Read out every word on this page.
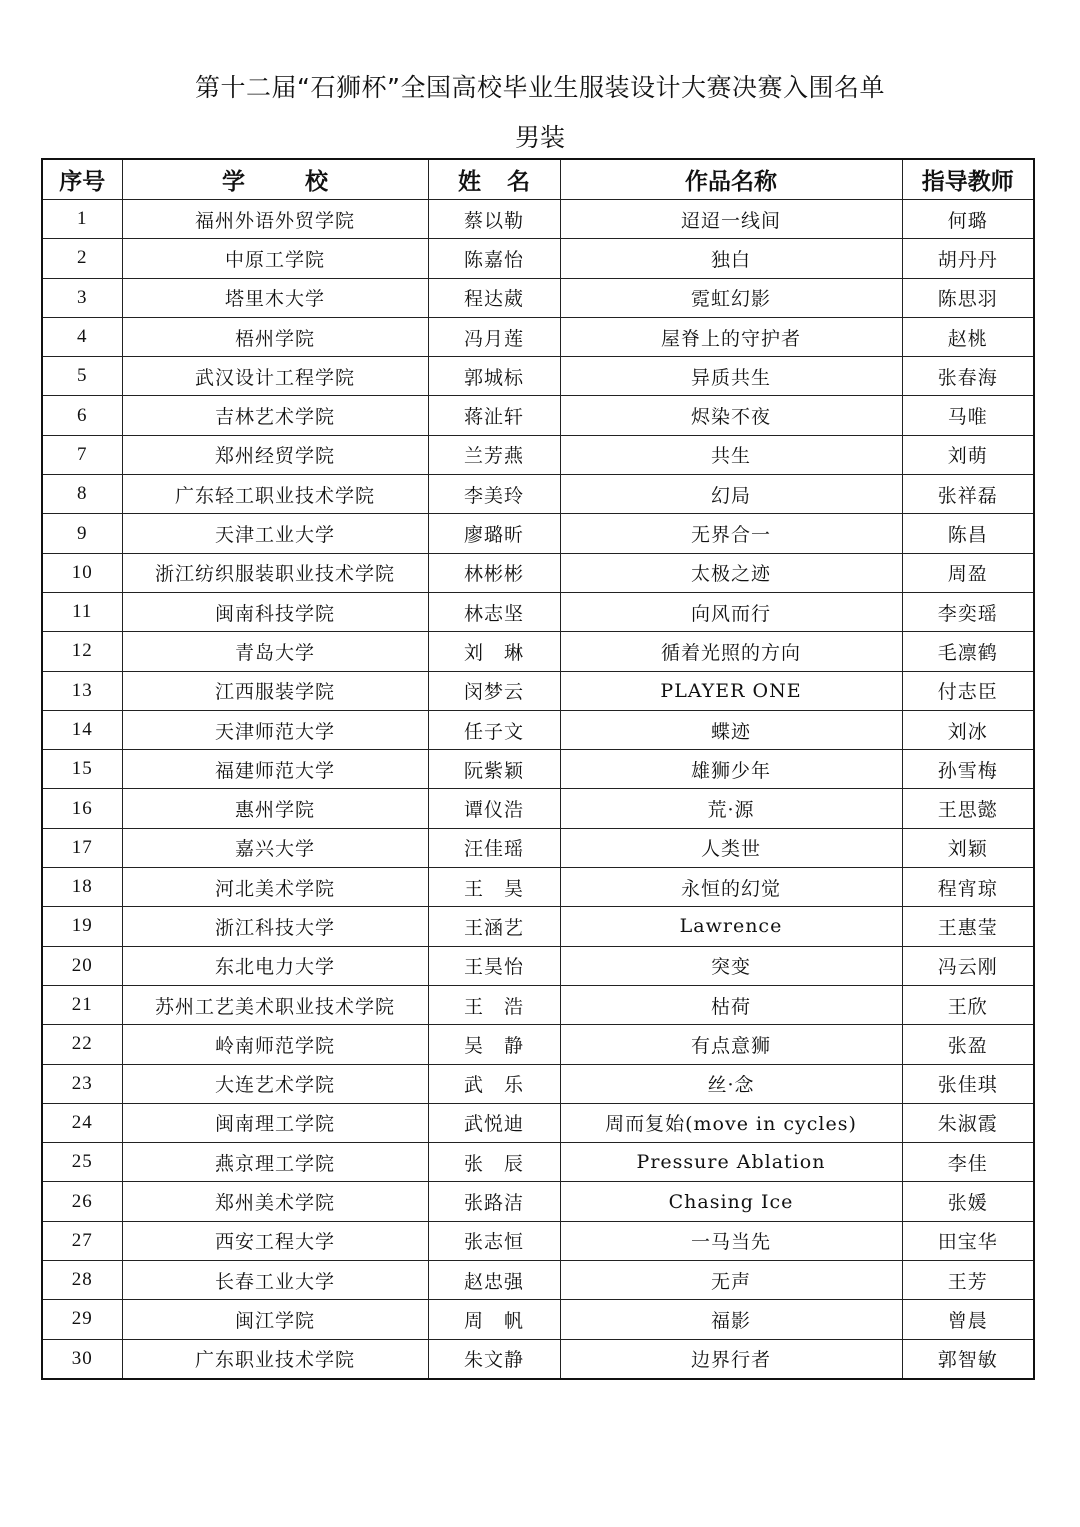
第十二届“石狮杯”全国高校毕业生服装设计大赛决赛入围名单
男装
序号	学校	姓名	作品名称	指导教师
1	福州外语外贸学院	蔡以勒	迢迢一线间	何璐
2	中原工学院	陈嘉怡	独白	胡丹丹
3	塔里木大学	程达葳	霓虹幻影	陈思羽
4	梧州学院	冯月莲	屋脊上的守护者	赵桃
5	武汉设计工程学院	郭城标	异质共生	张春海
6	吉林艺术学院	蒋沚轩	烬染不夜	马唯
7	郑州经贸学院	兰芳燕	共生	刘萌
8	广东轻工职业技术学院	李美玲	幻局	张祥磊
9	天津工业大学	廖璐昕	无界合一	陈昌
10	浙江纺织服装职业技术学院	林彬彬	太极之迹	周盈
11	闽南科技学院	林志坚	向风而行	李奕瑶
12	青岛大学	刘　琳	循着光照的方向	毛凛鹤
13	江西服装学院	闵梦云	PLAYER ONE	付志臣
14	天津师范大学	任子文	蝶迹	刘冰
15	福建师范大学	阮紫颖	雄狮少年	孙雪梅
16	惠州学院	谭仪浩	荒·源	王思懿
17	嘉兴大学	汪佳瑶	人类世	刘颖
18	河北美术学院	王　昊	永恒的幻觉	程宵琼
19	浙江科技大学	王涵艺	Lawrence	王惠莹
20	东北电力大学	王昊怡	突变	冯云刚
21	苏州工艺美术职业技术学院	王　浩	枯荷	王欣
22	岭南师范学院	吴　静	有点意狮	张盈
23	大连艺术学院	武　乐	丝·念	张佳琪
24	闽南理工学院	武悦迪	周而复始(move in cycles)	朱淑霞
25	燕京理工学院	张　辰	Pressure Ablation	李佳
26	郑州美术学院	张路洁	Chasing Ice	张媛
27	西安工程大学	张志恒	一马当先	田宝华
28	长春工业大学	赵忠强	无声	王芳
29	闽江学院	周　帆	福影	曾晨
30	广东职业技术学院	朱文静	边界行者	郭智敏
